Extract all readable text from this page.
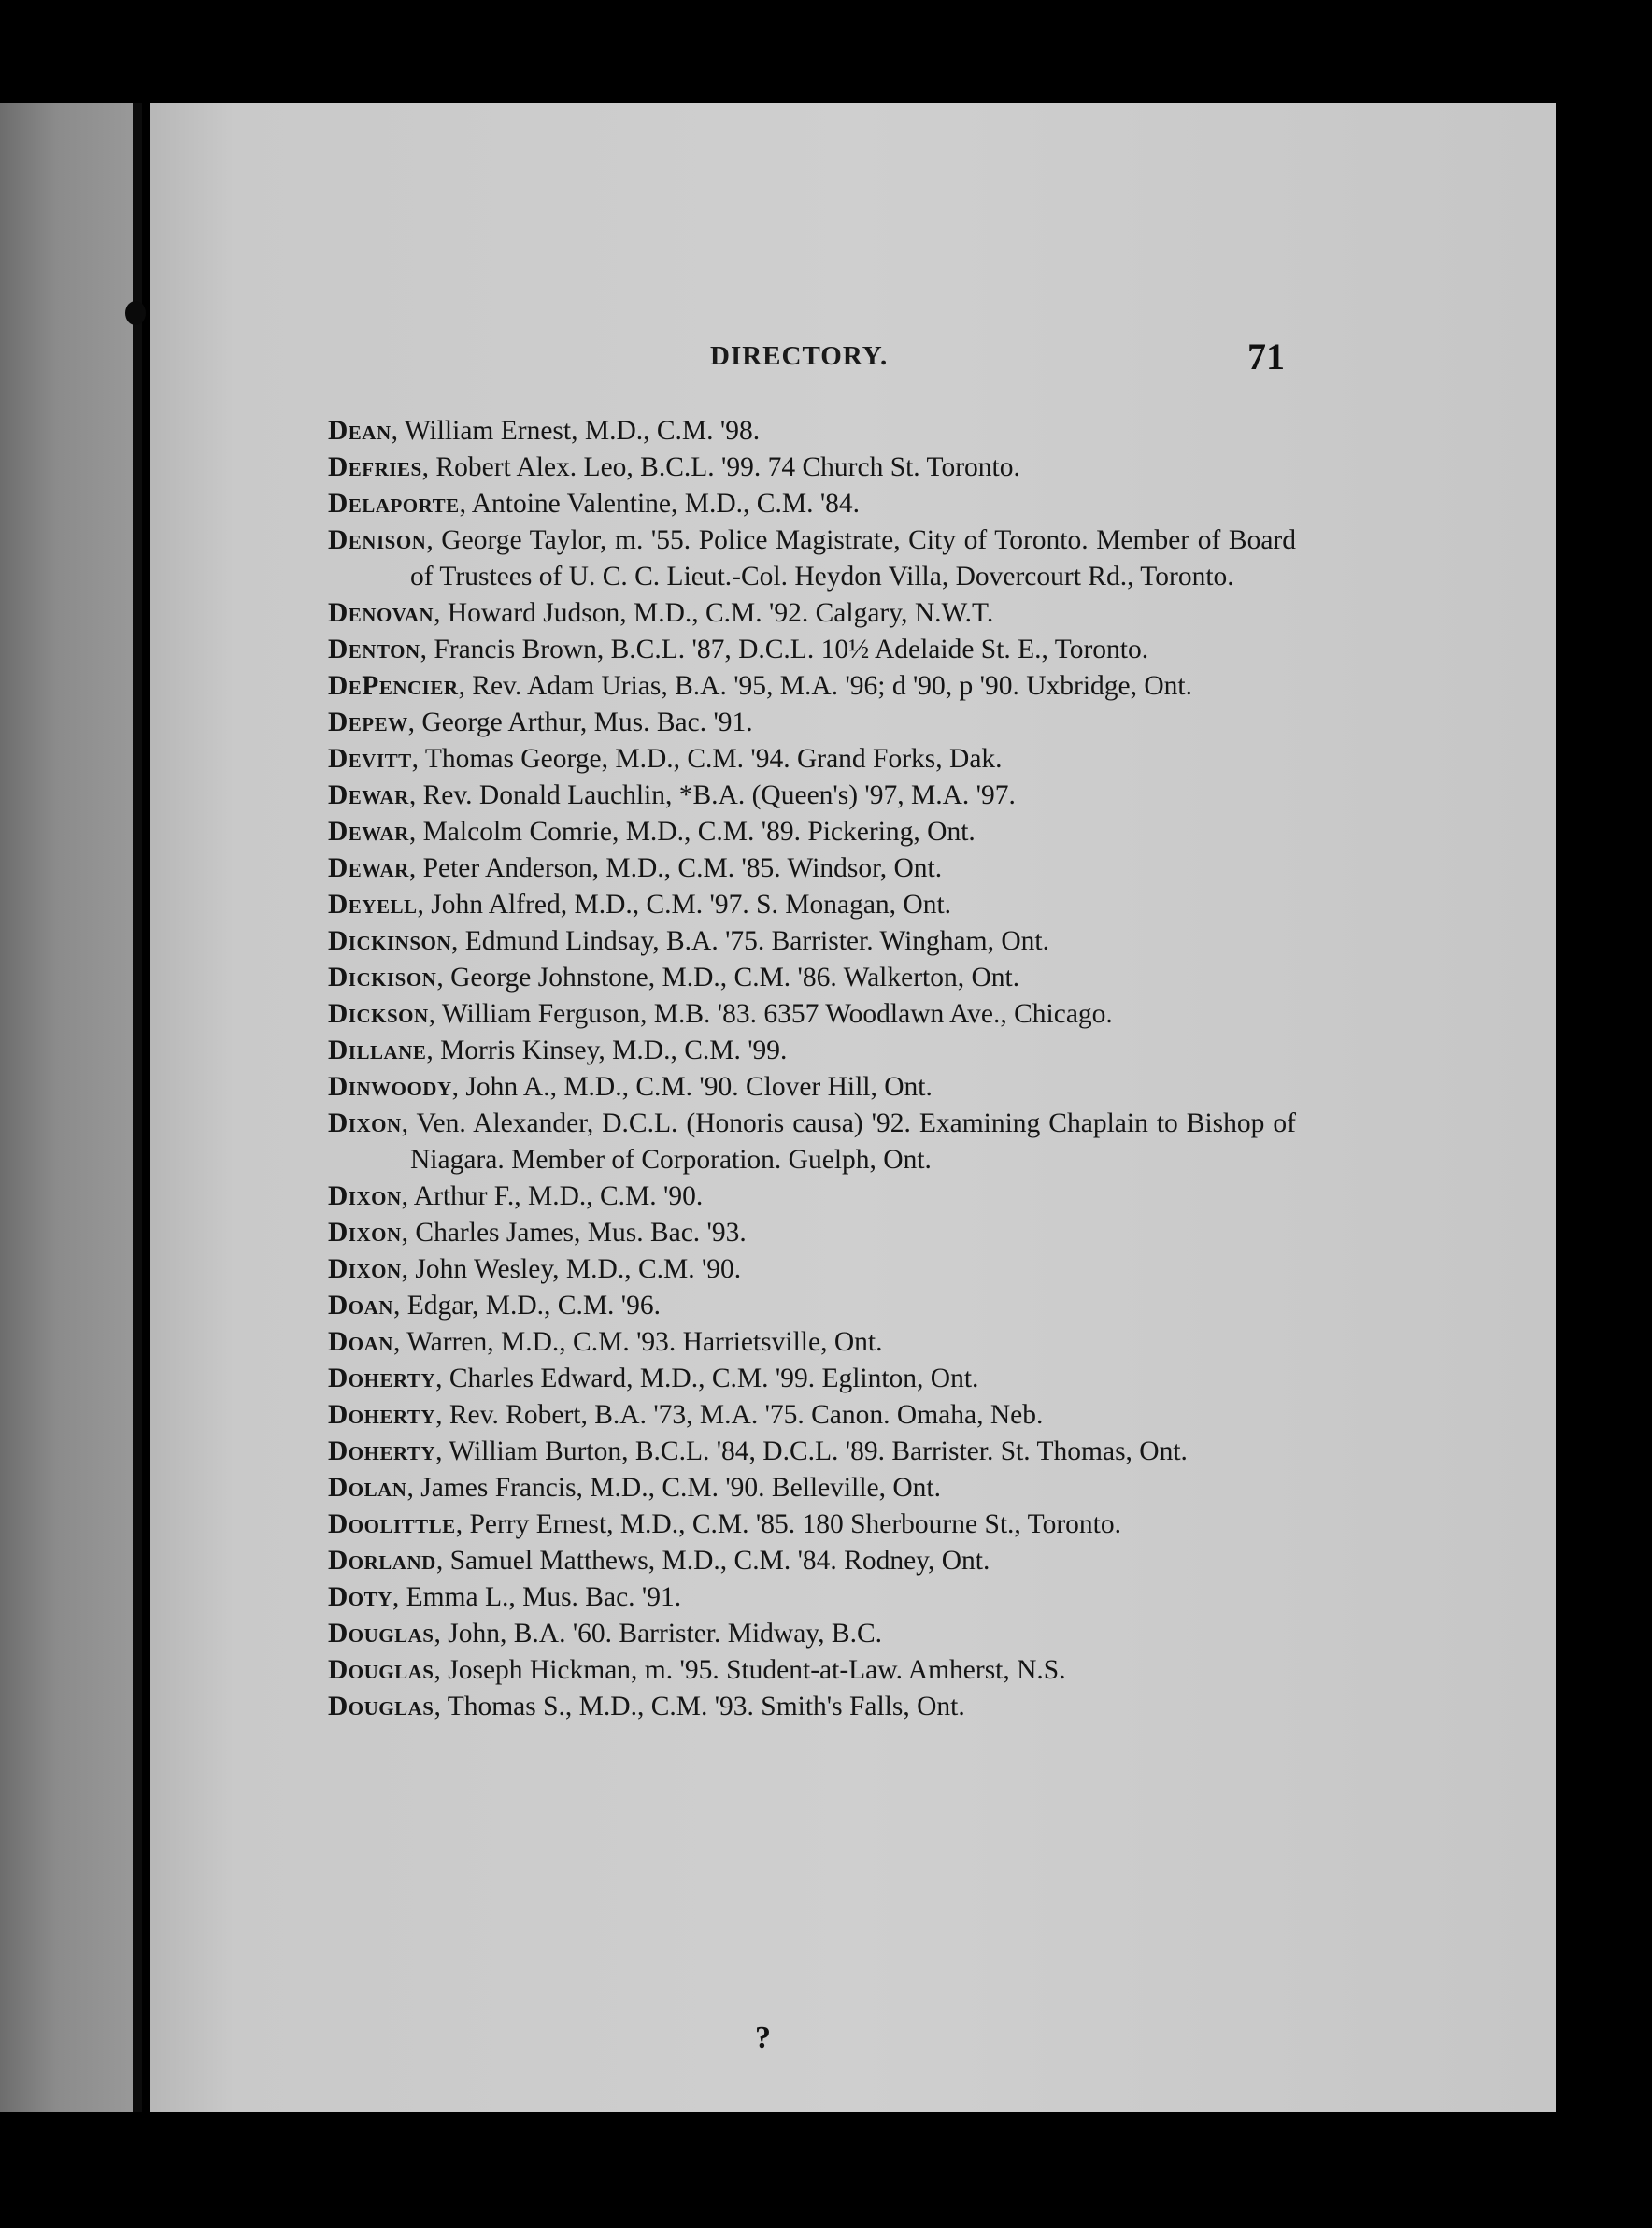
DIRECTORY.	71
Dean, William Ernest, M.D., C.M. '98.
Defries, Robert Alex. Leo, B.C.L. '99. 74 Church St. Toronto.
Delaporte, Antoine Valentine, M.D., C.M. '84.
Denison, George Taylor, m. '55. Police Magistrate, City of Toronto. Member of Board of Trustees of U. C. C. Lieut.-Col. Heydon Villa, Dovercourt Rd., Toronto.
Denovan, Howard Judson, M.D., C.M. '92. Calgary, N.W.T.
Denton, Francis Brown, B.C.L. '87, D.C.L. 10½ Adelaide St. E., Toronto.
DePencier, Rev. Adam Urias, B.A. '95, M.A. '96; d '90, p '90. Uxbridge, Ont.
Depew, George Arthur, Mus. Bac. '91.
Devitt, Thomas George, M.D., C.M. '94. Grand Forks, Dak.
Dewar, Rev. Donald Lauchlin, *B.A. (Queen's) '97, M.A. '97.
Dewar, Malcolm Comrie, M.D., C.M. '89. Pickering, Ont.
Dewar, Peter Anderson, M.D., C.M. '85. Windsor, Ont.
Deyell, John Alfred, M.D., C.M. '97. S. Monagan, Ont.
Dickinson, Edmund Lindsay, B.A. '75. Barrister. Wingham, Ont.
Dickison, George Johnstone, M.D., C.M. '86. Walkerton, Ont.
Dickson, William Ferguson, M.B. '83. 6357 Woodlawn Ave., Chicago.
Dillane, Morris Kinsey, M.D., C.M. '99.
Dinwoody, John A., M.D., C.M. '90. Clover Hill, Ont.
Dixon, Ven. Alexander, D.C.L. (Honoris causa) '92. Examining Chaplain to Bishop of Niagara. Member of Corporation. Guelph, Ont.
Dixon, Arthur F., M.D., C.M. '90.
Dixon, Charles James, Mus. Bac. '93.
Dixon, John Wesley, M.D., C.M. '90.
Doan, Edgar, M.D., C.M. '96.
Doan, Warren, M.D., C.M. '93. Harrietsville, Ont.
Doherty, Charles Edward, M.D., C.M. '99. Eglinton, Ont.
Doherty, Rev. Robert, B.A. '73, M.A. '75. Canon. Omaha, Neb.
Doherty, William Burton, B.C.L. '84, D.C.L. '89. Barrister. St. Thomas, Ont.
Dolan, James Francis, M.D., C.M. '90. Belleville, Ont.
Doolittle, Perry Ernest, M.D., C.M. '85. 180 Sherbourne St., Toronto.
Dorland, Samuel Matthews, M.D., C.M. '84. Rodney, Ont.
Doty, Emma L., Mus. Bac. '91.
Douglas, John, B.A. '60. Barrister. Midway, B.C.
Douglas, Joseph Hickman, m. '95. Student-at-Law. Amherst, N.S.
Douglas, Thomas S., M.D., C.M. '93. Smith's Falls, Ont.
?
